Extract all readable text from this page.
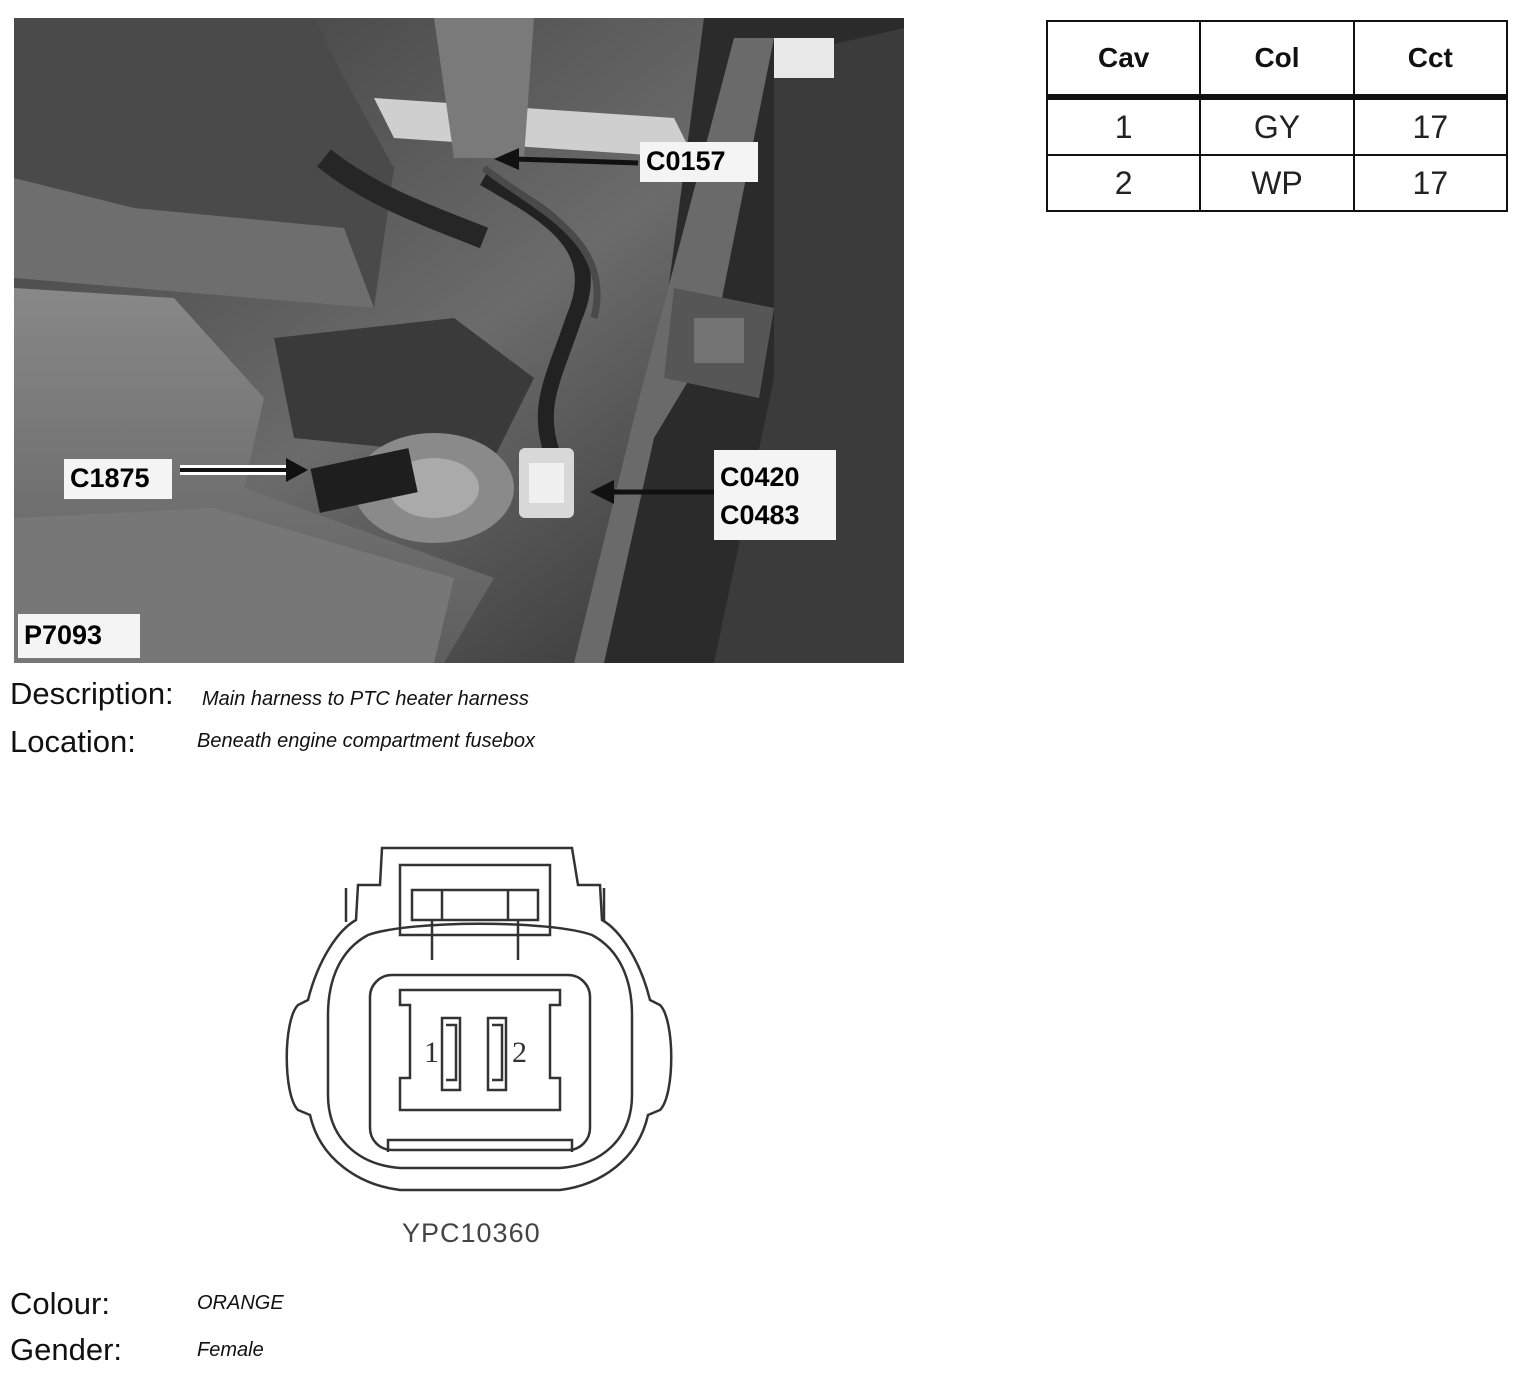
C0157
C1875	C0420
C0483
P7093
Cav	Col	Cct
1	GY	17
2	WP	17
Description: Main harness to PTC heater harness
Location:	Beneath engine compartment fusebox
1 2
YPC10360
Colour:	ORANGE
Gender:	Female
